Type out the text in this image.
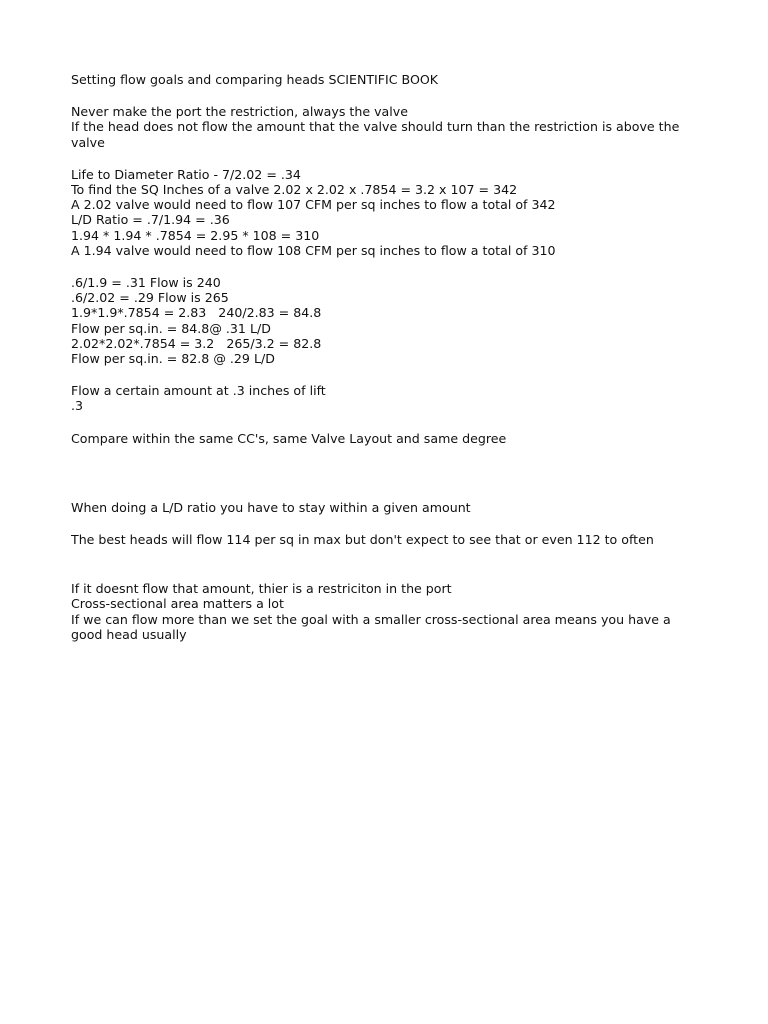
Setting flow goals and comparing heads SCIENTIFIC BOOK

Never make the port the restriction, always the valve
If the head does not flow the amount that the valve should turn than the restriction is above the valve

Life to Diameter Ratio - 7/2.02 = .34
To find the SQ Inches of a valve 2.02 x 2.02 x .7854 = 3.2 x 107 = 342
A 2.02 valve would need to flow 107 CFM per sq inches to flow a total of 342
L/D Ratio = .7/1.94 = .36
1.94 * 1.94 * .7854 = 2.95 * 108 = 310
A 1.94 valve would need to flow 108 CFM per sq inches to flow a total of 310

.6/1.9 = .31 Flow is 240
.6/2.02 = .29 Flow is 265
1.9*1.9*.7854 = 2.83   240/2.83 = 84.8
Flow per sq.in. = 84.8@ .31 L/D
2.02*2.02*.7854 = 3.2   265/3.2 = 82.8
Flow per sq.in. = 82.8 @ .29 L/D

Flow a certain amount at .3 inches of lift
.3

Compare within the same CC's, same Valve Layout and same degree

When doing a L/D ratio you have to stay within a given amount

The best heads will flow 114 per sq in max but don't expect to see that or even 112 to often

If it doesnt flow that amount, thier is a restriciton in the port
Cross-sectional area matters a lot
If we can flow more than we set the goal with a smaller cross-sectional area means you have a good head usually
